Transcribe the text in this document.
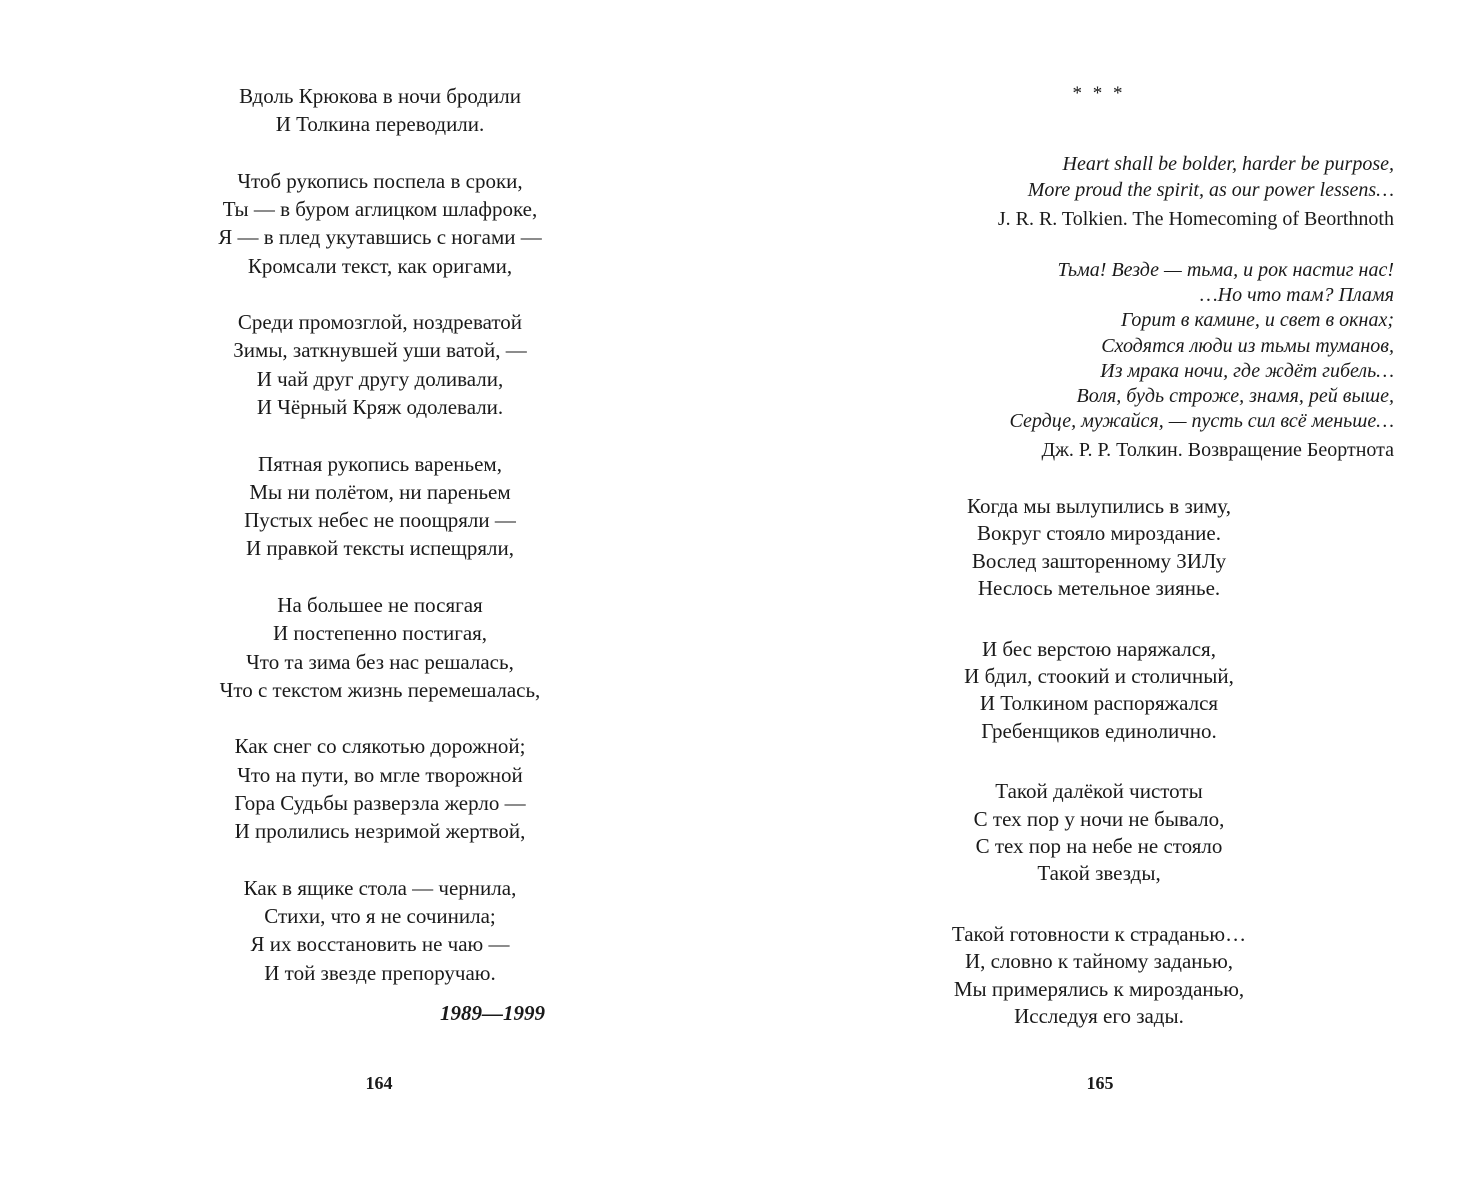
Вдоль Крюкова в ночи бродили
И Толкина переводили.
Чтоб рукопись поспела в сроки,
Ты — в буром аглицком шлафроке,
Я — в плед укутавшись с ногами —
Кромсали текст, как оригами,
Среди промозглой, ноздреватой
Зимы, заткнувшей уши ватой, —
И чай друг другу доливали,
И Чёрный Кряж одолевали.
Пятная рукопись вареньем,
Мы ни полётом, ни пареньем
Пустых небес не поощряли —
И правкой тексты испещряли,
На большее не посягая
И постепенно постигая,
Что та зима без нас решалась,
Что с текстом жизнь перемешалась,
Как снег со слякотью дорожной;
Что на пути, во мгле творожной
Гора Судьбы разверзла жерло —
И пролились незримой жертвой,
Как в ящике стола — чернила,
Стихи, что я не сочинила;
Я их восстановить не чаю —
И той звезде препоручаю.
1989—1999
164
* * *
Heart shall be bolder, harder be purpose,
More proud the spirit, as our power lessens…
J. R. R. Tolkien. The Homecoming of Beorthnoth
Тьма! Везде — тьма, и рок настиг нас!
…Но что там? Пламя
Горит в камине, и свет в окнах;
Сходятся люди из тьмы туманов,
Из мрака ночи, где ждёт гибель…
Воля, будь строже, знамя, рей выше,
Сердце, мужайся, — пусть сил всё меньше…
Дж. Р. Р. Толкин. Возвращение Беортнота
Когда мы вылупились в зиму,
Вокруг стояло мироздание.
Вослед зашторенному ЗИЛу
Неслось метельное зиянье.
И бес верстою наряжался,
И бдил, стоокий и столичный,
И Толкином распоряжался
Гребенщиков единолично.
Такой далёкой чистоты
С тех пор у ночи не бывало,
С тех пор на небе не стояло
Такой звезды,
Такой готовности к страданью…
И, словно к тайному заданью,
Мы примерялись к мирозданью,
Исследуя его зады.
165
